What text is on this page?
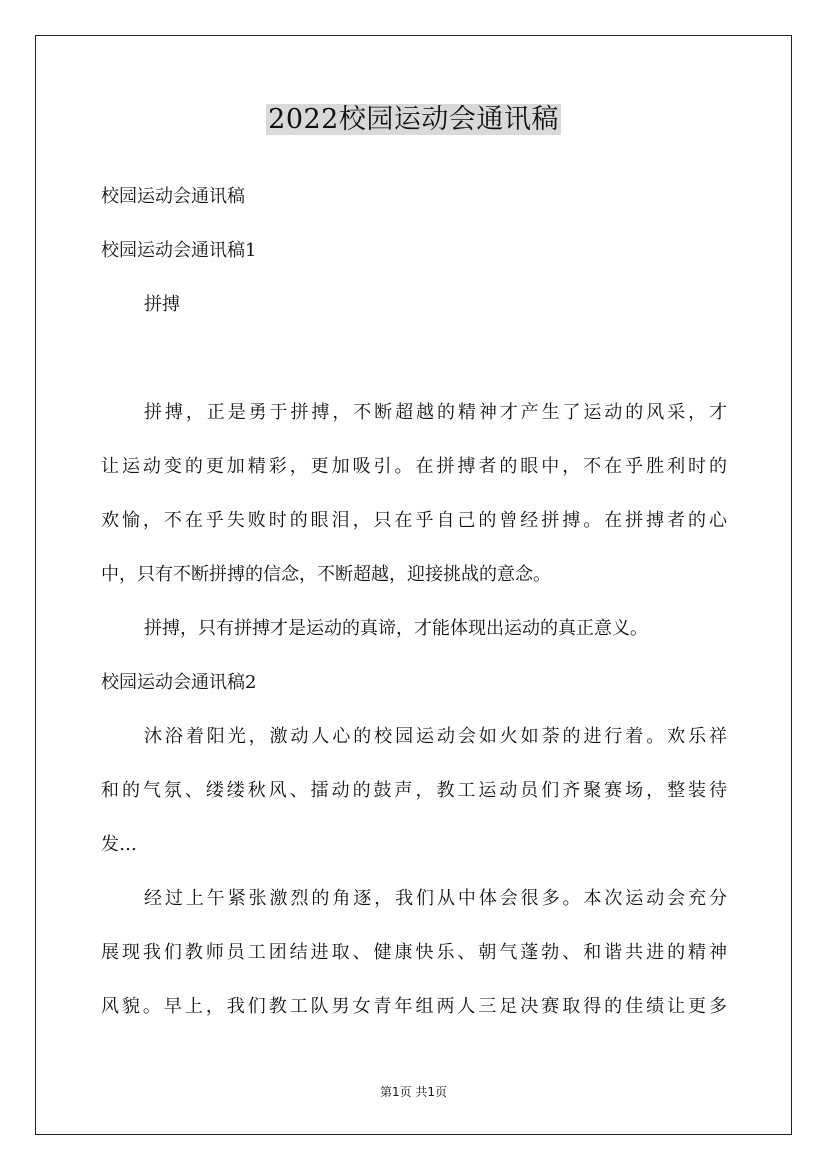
2022校园运动会通讯稿
校园运动会通讯稿
校园运动会通讯稿1
拼搏
拼搏，正是勇于拼搏，不断超越的精神才产生了运动的风采，才
让运动变的更加精彩，更加吸引。在拼搏者的眼中，不在乎胜利时的
欢愉，不在乎失败时的眼泪，只在乎自己的曾经拼搏。在拼搏者的心
中，只有不断拼搏的信念，不断超越，迎接挑战的意念。
拼搏，只有拼搏才是运动的真谛，才能体现出运动的真正意义。
校园运动会通讯稿2
沐浴着阳光，激动人心的校园运动会如火如荼的进行着。欢乐祥
和的气氛、缕缕秋风、擂动的鼓声，教工运动员们齐聚赛场，整装待
发…
经过上午紧张激烈的角逐，我们从中体会很多。本次运动会充分
展现我们教师员工团结进取、健康快乐、朝气蓬勃、和谐共进的精神
风貌。早上，我们教工队男女青年组两人三足决赛取得的佳绩让更多
第1页 共1页
